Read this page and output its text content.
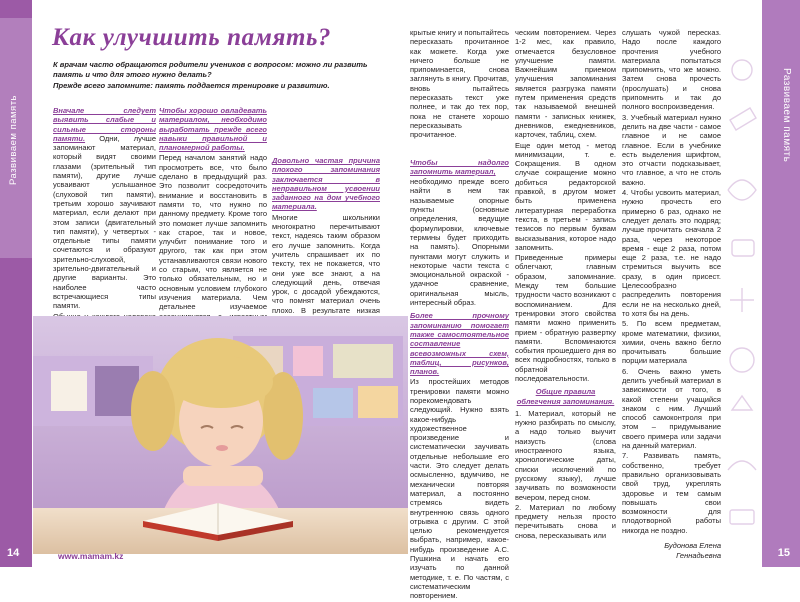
Развиваем память	Развиваем память
Как улучшить память?
К врачам часто обращаются родители учеников с вопросом: можно ли развить память и что для этого нужно делать?
Прежде всего запомните: память поддается тренировке и развитию.

Вначале следует выявить слабые и сильные стороны памяти. Одни, лучше запоминают материал, который видят своими глазами (зрительный тип памяти), другие лучше усваивают услышанное (слуховой тип памяти), третьим хорошо заучивают материал, если делают при этом записи (двигательный тип памяти), у четвертых - отдельные типы памяти сочетаются и образуют зрительно-слуховой, зрительно-двигательный и другие варианты. Это наиболее часто встречающиеся типы памяти.

Чтобы хорошо овладевать материалом, необходимо выработать прежде всего навыки правильной и планомерной работы.

Перед началом занятий надо просмотреть все, что было сделано в предыдущий раз. Это позволит сосредоточить внимание и восстановить в памяти то, что нужно по данному предмету. Кроме того это поможет лучше запомнить как старое, так и новое, улучбит понимание того и другого, так как при этом устанавливаются связи нового со старым, что является не только обязательным, но и основным условием глубокого изучения материала. Чем детальнее изучаемое

Довольно частая причина плохого запоминания заключается в неправильном усвоении заданного на дом учебного материала.

Многие школьники многократно перечитывают текст, надеясь таким образом его лучше запомнить. Когда учитель спрашивает их по тексту, тех не покажется, что они уже все знают, а на следующий день, отвечая урок, с досадой убеждаются, что помнят материал очень плохо. В результате низкая

www.mamam.kz
14

крытые книгу и попытайтесь пересказать прочитанное как можете. Когда уже ничего больше не припоминается, снова заглянуть в книгу. Прочитав, вновь пытайтесь пересказать текст уже полнее, и так до тех пор, пока не станете хорошо пересказывать прочитанное.

Чтобы надолго запомнить материал,

необходимо прежде всего найти в нем так называемые опорные пункты (основные определения, ведущие формулировки, ключевые термины будет приходить на память). Опорными пунктами могут служить и некоторые части текста с эмоциональной окраской - удачное сравнение, оригинальная мысль, интересный образ.

Более прочному запоминанию помогает также самостоятельное составление всевозможных схем, таблиц, рисунков, планов.

Из простейших методов тренировки памяти можно порекомендовать следующий. Нужно взять какое-нибудь художественное произведение и систематически заучивать отдельные небольшие его части. Это следует делать осмысленно, вдумчиво, не механически повторяя материал, а постоянно стремясь видеть внутреннюю связь одного отрывка с другим. С этой целью рекомендуется выбрать, например, какое-нибудь произведение А.С. Пушкина и начать его изучать по данной методике, т. е. По частям, с систематическим повторением.

ческим повторением. Через 1-2 мес, как правило, отмечается безусловное улучшение памяти. Важнейшим приемом улучшения запоминания является разгрузка памяти путем применения средств так называемой внешней памяти - записных книжек, дневников, ежедневников, карточек, таблиц, схем.

Еще один метод - метод минимизации, т. е. Сокращения. В одном случае сокращение можно добиться редакторской правкой, в другом может быть применена литературная переработка текста, в третьем - запись тезисов по первым буквам высказывания, которое надо запомнить.

Приведенные примеры облегчают, главным образом, запоминание. Между тем большие трудности часто возникают с воспоминанием. Для тренировки этого свойства памяти можно применить прием - обратную развертку памяти. Вспоминаются события прошедшего дня во всех подробностях, только в обратной последовательности.

Общие правила облегчения запоминания.

1. Материал, который не нужно разбирать по смыслу, а надо только выучит наизусть (слова иностранного языка, хронологические даты, списки исключений по русскому языку), лучше заучивать по возможности вечером, перед сном.

2. Материал по любому предмету нельзя просто перечитывать снова и снова, пересказывать или

слушать чужой пересказ. Надо после каждого прочтения учебного материала попытаться припомнить, что же можно. Затем снова прочесть (прослушать) и снова припомнить и так до полного воспроизведения.

3. Учебный материал нужно делить на две части - самое главное и не самое главное. Если в учебнике есть выделения шрифтом, это отчасти подсказывает, что главное, а что не столь важно.

4. Чтобы усвоить материал, нужно прочесть его примерно 6 раз, однако не следует делать это подряд; лучше прочитать сначала 2 раза, через некоторое время - еще 2 раза, потом еще 2 раза, т.е. не надо стремиться выучить все сразу, в один присест. Целесообразно распределить повторения если не на несколько дней, то хотя бы на день.

5. По всем предметам, кроме математики, физики, химии, очень важно бегло прочитывать большие порции материала

6. Очень важно уметь делить учебный материал в зависимости от того, в какой степени учащийся знаком с ним. Лучший способ самоконтроля при этом – придумывание своего примера или задачи на данный материал.

7. Развивать память, собственно, требует правильно организовывать свой труд, укреплять здоровье и тем самым повышать свои возможности для плодотворной работы никогда не поздно.

Будонова Елена

Геннадьевна	15
